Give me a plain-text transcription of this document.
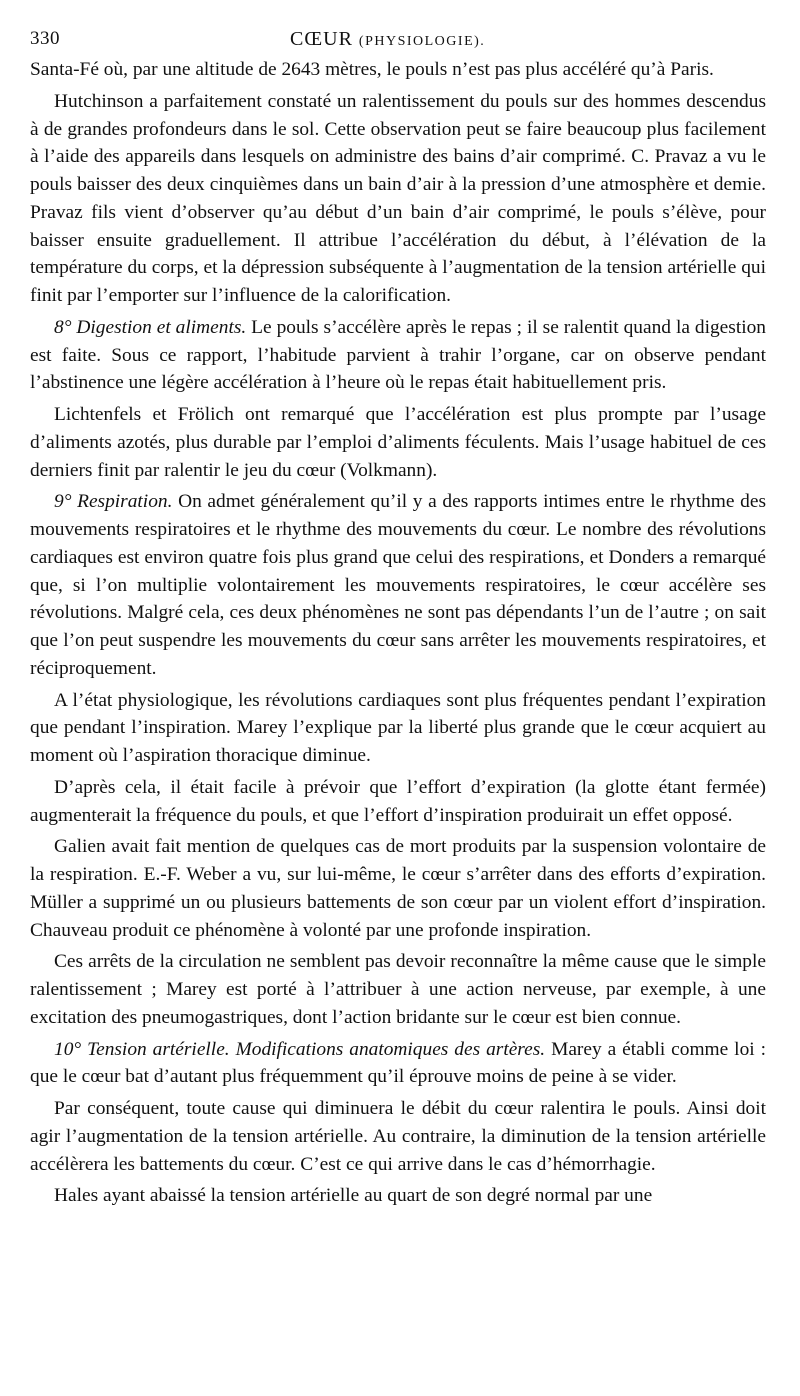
330	CŒUR (PHYSIOLOGIE).

Santa-Fé où, par une altitude de 2643 mètres, le pouls n’est pas plus accéléré qu’à Paris.

Hutchinson a parfaitement constaté un ralentissement du pouls sur des hommes descendus à de grandes profondeurs dans le sol. Cette observation peut se faire beaucoup plus facilement à l’aide des appareils dans lesquels on administre des bains d’air comprimé. C. Pravaz a vu le pouls baisser des deux cinquièmes dans un bain d’air à la pression d’une atmosphère et demie. Pravaz fils vient d’observer qu’au début d’un bain d’air comprimé, le pouls s’élève, pour baisser ensuite graduellement. Il attribue l’accélération du début, à l’élévation de la température du corps, et la dépression subséquente à l’augmentation de la tension artérielle qui finit par l’emporter sur l’influence de la calorification.

8° Digestion et aliments. Le pouls s’accélère après le repas ; il se ralentit quand la digestion est faite. Sous ce rapport, l’habitude parvient à trahir l’organe, car on observe pendant l’abstinence une légère accélération à l’heure où le repas était habituellement pris.

Lichtenfels et Frölich ont remarqué que l’accélération est plus prompte par l’usage d’aliments azotés, plus durable par l’emploi d’aliments féculents. Mais l’usage habituel de ces derniers finit par ralentir le jeu du cœur (Volkmann).

9° Respiration. On admet généralement qu’il y a des rapports intimes entre le rhythme des mouvements respiratoires et le rhythme des mouvements du cœur. Le nombre des révolutions cardiaques est environ quatre fois plus grand que celui des respirations, et Donders a remarqué que, si l’on multiplie volontairement les mouvements respiratoires, le cœur accélère ses révolutions. Malgré cela, ces deux phénomènes ne sont pas dépendants l’un de l’autre ; on sait que l’on peut suspendre les mouvements du cœur sans arrêter les mouvements respiratoires, et réciproquement.

A l’état physiologique, les révolutions cardiaques sont plus fréquentes pendant l’expiration que pendant l’inspiration. Marey l’explique par la liberté plus grande que le cœur acquiert au moment où l’aspiration thoracique diminue.

D’après cela, il était facile à prévoir que l’effort d’expiration (la glotte étant fermée) augmenterait la fréquence du pouls, et que l’effort d’inspiration produirait un effet opposé.

Galien avait fait mention de quelques cas de mort produits par la suspension volontaire de la respiration. E.-F. Weber a vu, sur lui-même, le cœur s’arrêter dans des efforts d’expiration. Müller a supprimé un ou plusieurs battements de son cœur par un violent effort d’inspiration. Chauveau produit ce phénomène à volonté par une profonde inspiration.

Ces arrêts de la circulation ne semblent pas devoir reconnaître la même cause que le simple ralentissement ; Marey est porté à l’attribuer à une action nerveuse, par exemple, à une excitation des pneumogastriques, dont l’action bridante sur le cœur est bien connue.

10° Tension artérielle. Modifications anatomiques des artères. Marey a établi comme loi : que le cœur bat d’autant plus fréquemment qu’il éprouve moins de peine à se vider.

Par conséquent, toute cause qui diminuera le débit du cœur ralentira le pouls. Ainsi doit agir l’augmentation de la tension artérielle. Au contraire, la diminution de la tension artérielle accélèrera les battements du cœur. C’est ce qui arrive dans le cas d’hémorrhagie.

Hales ayant abaissé la tension artérielle au quart de son degré normal par une
